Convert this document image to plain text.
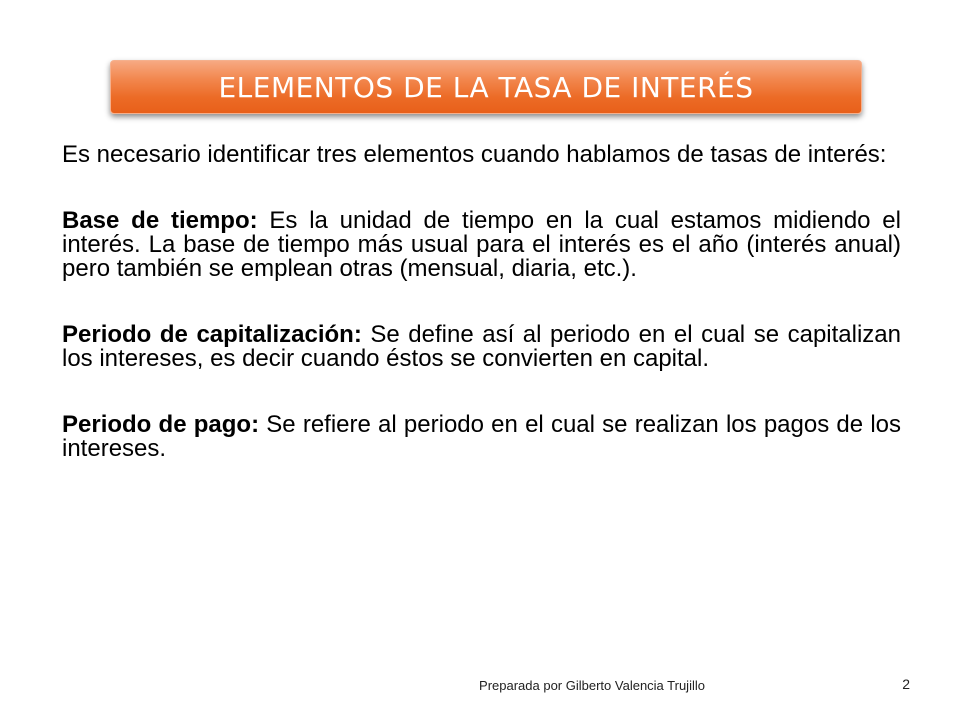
ELEMENTOS DE LA TASA DE INTERÉS

Es necesario identificar tres elementos cuando hablamos de tasas de interés:

Base de tiempo: Es la unidad de tiempo en la cual estamos midiendo el interés. La base de tiempo más usual para el interés es el año (interés anual) pero también se emplean otras (mensual, diaria, etc.).

Periodo de capitalización: Se define así al periodo en el cual se capitalizan los intereses, es decir cuando éstos se convierten en capital.

Periodo de pago: Se refiere al periodo en el cual se realizan los pagos de los intereses.

Preparada por Gilberto Valencia Trujillo	2
